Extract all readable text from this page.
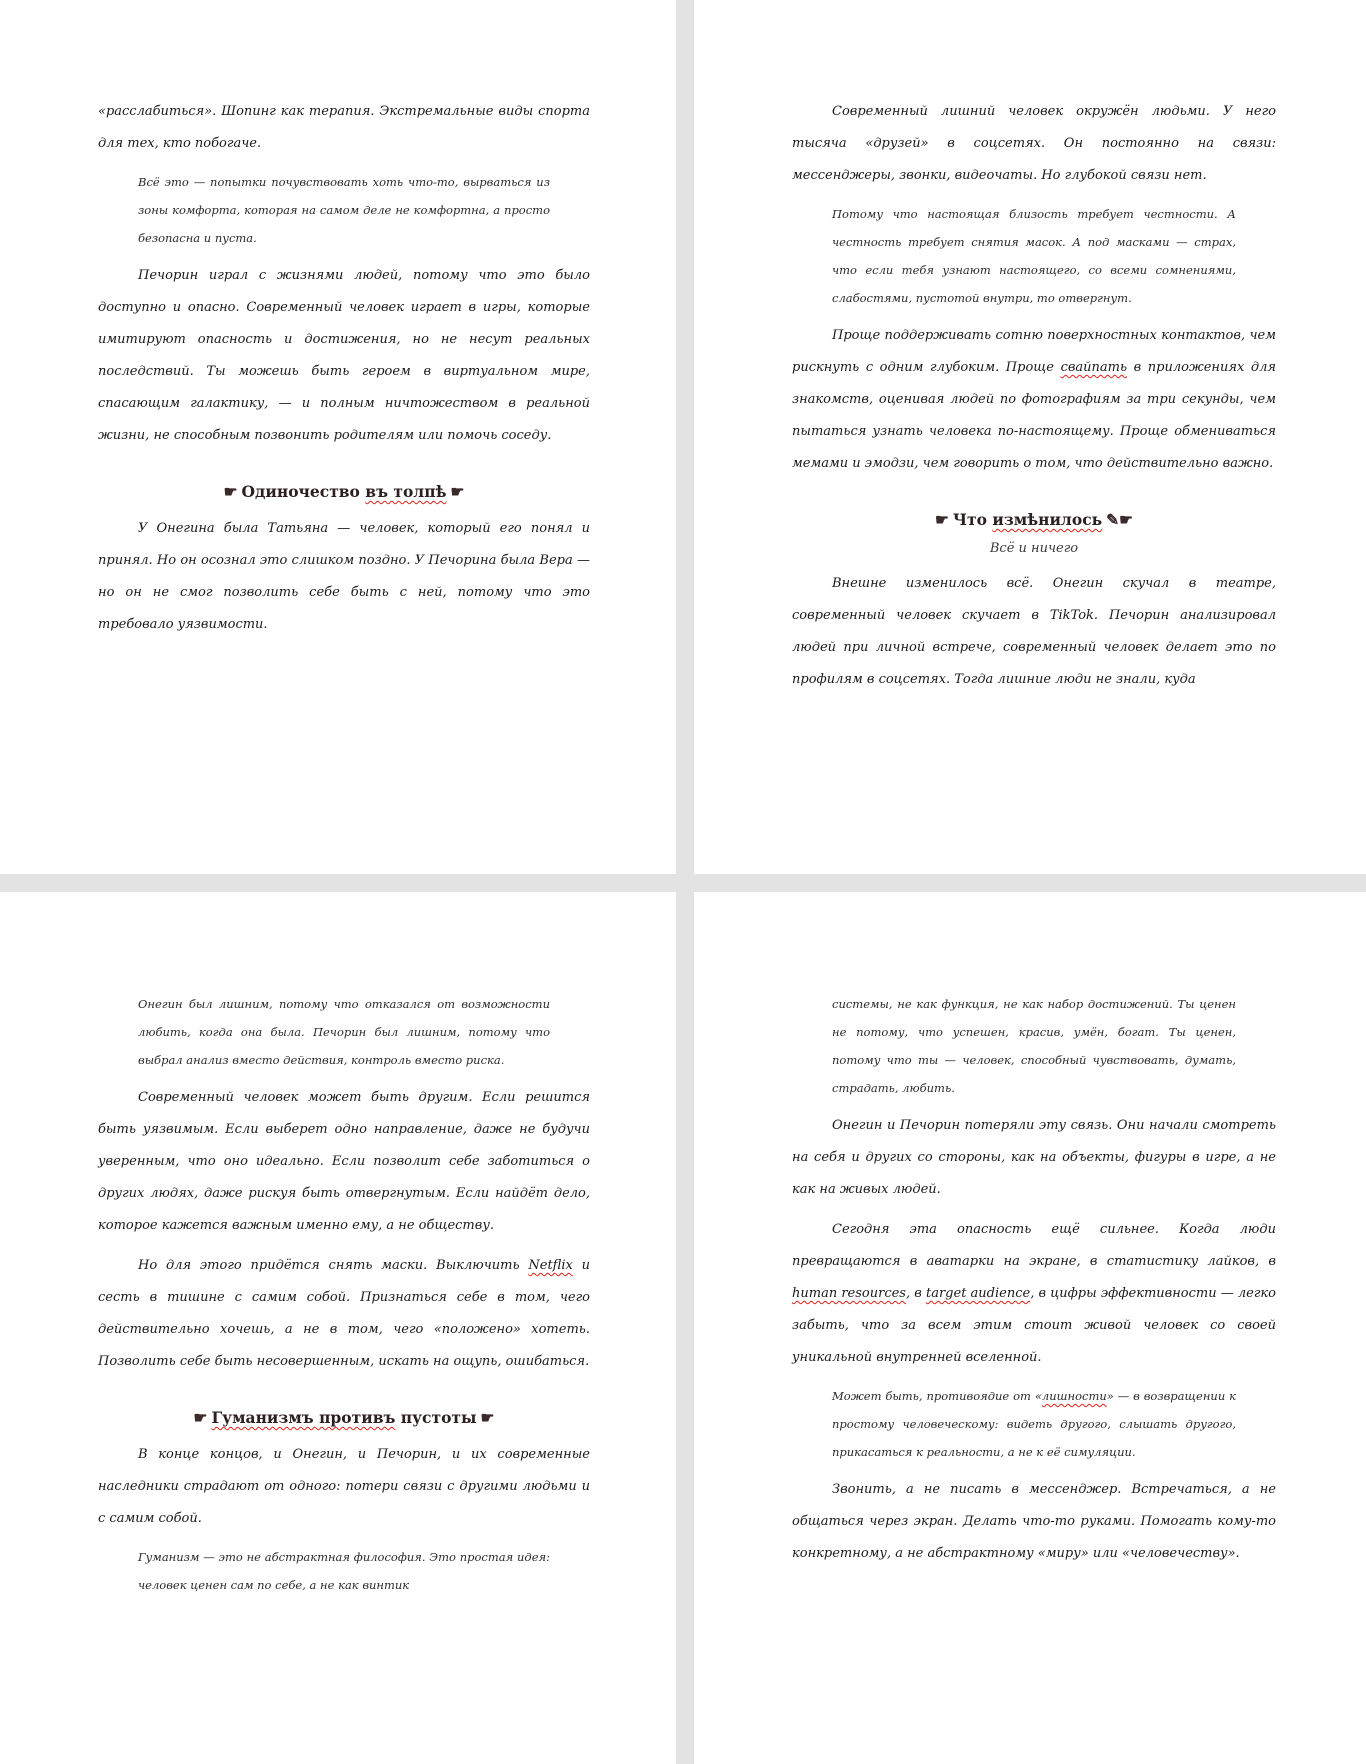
«расслабиться». Шопинг как терапия. Экстремальные виды спорта для тех, кто побогаче.

Всё это — попытки почувствовать хоть что-то, вырваться из зоны комфорта, которая на самом деле не комфортна, а просто безопасна и пуста.

Печорин играл с жизнями людей, потому что это было доступно и опасно. Современный человек играет в игры, которые имитируют опасность и достижения, но не несут реальных последствий. Ты можешь быть героем в виртуальном мире, спасающим галактику, — и полным ничтожеством в реальной жизни, не способным позвонить родителям или помочь соседу.

☛ Одиночество въ толпѣ ☛

У Онегина была Татьяна — человек, который его понял и принял. Но он осознал это слишком поздно. У Печорина была Вера — но он не смог позволить себе быть с ней, потому что это требовало уязвимости.

Современный лишний человек окружён людьми. У него тысяча «друзей» в соцсетях. Он постоянно на связи: мессенджеры, звонки, видеочаты. Но глубокой связи нет.

Потому что настоящая близость требует честности. А честность требует снятия масок. А под масками — страх, что если тебя узнают настоящего, со всеми сомнениями, слабостями, пустотой внутри, то отвергнут.

Проще поддерживать сотню поверхностных контактов, чем рискнуть с одним глубоким. Проще свайпать в приложениях для знакомств, оценивая людей по фотографиям за три секунды, чем пытаться узнать человека по-настоящему. Проще обмениваться мемами и эмодзи, чем говорить о том, что действительно важно.

☛ Что измѣнилось ✎☛
Всё и ничего

Внешне изменилось всё. Онегин скучал в театре, современный человек скучает в TikTok. Печорин анализировал людей при личной встрече, современный человек делает это по профилям в соцсетях. Тогда лишние люди не знали, куда

Онегин был лишним, потому что отказался от возможности любить, когда она была. Печорин был лишним, потому что выбрал анализ вместо действия, контроль вместо риска.

Современный человек может быть другим. Если решится быть уязвимым. Если выберет одно направление, даже не будучи уверенным, что оно идеально. Если позволит себе заботиться о других людях, даже рискуя быть отвергнутым. Если найдёт дело, которое кажется важным именно ему, а не обществу.

Но для этого придётся снять маски. Выключить Netflix и сесть в тишине с самим собой. Признаться себе в том, чего действительно хочешь, а не в том, чего «положено» хотеть. Позволить себе быть несовершенным, искать на ощупь, ошибаться.

☛ Гуманизмъ противъ пустоты ☛

В конце концов, и Онегин, и Печорин, и их современные наследники страдают от одного: потери связи с другими людьми и с самим собой.

Гуманизм — это не абстрактная философия. Это простая идея: человек ценен сам по себе, а не как винтик

системы, не как функция, не как набор достижений. Ты ценен не потому, что успешен, красив, умён, богат. Ты ценен, потому что ты — человек, способный чувствовать, думать, страдать, любить.

Онегин и Печорин потеряли эту связь. Они начали смотреть на себя и других со стороны, как на объекты, фигуры в игре, а не как на живых людей.

Сегодня эта опасность ещё сильнее. Когда люди превращаются в аватарки на экране, в статистику лайков, в human resources, в target audience, в цифры эффективности — легко забыть, что за всем этим стоит живой человек со своей уникальной внутренней вселенной.

Может быть, противоядие от «лишности» — в возвращении к простому человеческому: видеть другого, слышать другого, прикасаться к реальности, а не к её симуляции.

Звонить, а не писать в мессенджер. Встречаться, а не общаться через экран. Делать что-то руками. Помогать кому-то конкретному, а не абстрактному «миру» или «человечеству».
